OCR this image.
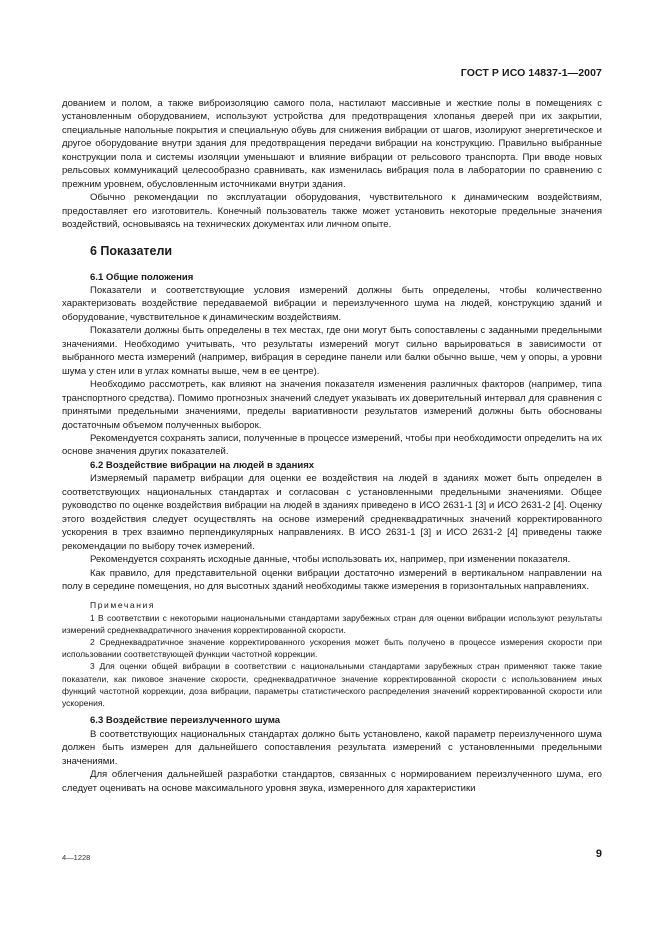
ГОСТ Р ИСО 14837-1—2007

дованием и полом, а также виброизоляцию самого пола, настилают массивные и жесткие полы в помещениях с установленным оборудованием, используют устройства для предотвращения хлопанья дверей при их закрытии, специальные напольные покрытия и специальную обувь для снижения вибрации от шагов, изолируют энергетическое и другое оборудование внутри здания для предотвращения передачи вибрации на конструкцию. Правильно выбранные конструкции пола и системы изоляции уменьшают и влияние вибрации от рельсового транспорта. При вводе новых рельсовых коммуникаций целесообразно сравнивать, как изменилась вибрация пола в лаборатории по сравнению с прежним уровнем, обусловленным источниками внутри здания.

Обычно рекомендации по эксплуатации оборудования, чувствительного к динамическим воздействиям, предоставляет его изготовитель. Конечный пользователь также может установить некоторые предельные значения воздействий, основываясь на технических документах или личном опыте.

6 Показатели

6.1 Общие положения

Показатели и соответствующие условия измерений должны быть определены, чтобы количественно характеризовать воздействие передаваемой вибрации и переизлученного шума на людей, конструкцию зданий и оборудование, чувствительное к динамическим воздействиям.

Показатели должны быть определены в тех местах, где они могут быть сопоставлены с заданными предельными значениями. Необходимо учитывать, что результаты измерений могут сильно варьироваться в зависимости от выбранного места измерений (например, вибрация в середине панели или балки обычно выше, чем у опоры, а уровни шума у стен или в углах комнаты выше, чем в ее центре).

Необходимо рассмотреть, как влияют на значения показателя изменения различных факторов (например, типа транспортного средства). Помимо прогнозных значений следует указывать их доверительный интервал для сравнения с принятыми предельными значениями, пределы вариативности результатов измерений должны быть обоснованы достаточным объемом полученных выборок.

Рекомендуется сохранять записи, полученные в процессе измерений, чтобы при необходимости определить на их основе значения других показателей.

6.2 Воздействие вибрации на людей в зданиях

Измеряемый параметр вибрации для оценки ее воздействия на людей в зданиях может быть определен в соответствующих национальных стандартах и согласован с установленными предельными значениями. Общее руководство по оценке воздействия вибрации на людей в зданиях приведено в ИСО 2631-1 [3] и ИСО 2631-2 [4]. Оценку этого воздействия следует осуществлять на основе измерений среднеквадратичных значений корректированного ускорения в трех взаимно перпендикулярных направлениях. В ИСО 2631-1 [3] и ИСО 2631-2 [4] приведены также рекомендации по выбору точек измерений.

Рекомендуется сохранять исходные данные, чтобы использовать их, например, при изменении показателя.

Как правило, для представительной оценки вибрации достаточно измерений в вертикальном направлении на полу в середине помещения, но для высотных зданий необходимы также измерения в горизонтальных направлениях.

Примечания

1 В соответствии с некоторыми национальными стандартами зарубежных стран для оценки вибрации используют результаты измерений среднеквадратичного значения корректированной скорости.

2 Среднеквадратичное значение корректированного ускорения может быть получено в процессе измерения скорости при использовании соответствующей функции частотной коррекции.

3 Для оценки общей вибрации в соответствии с национальными стандартами зарубежных стран применяют также такие показатели, как пиковое значение скорости, среднеквадратичное значение корректированной скорости с использованием иных функций частотной коррекции, доза вибрации, параметры статистического распределения значений корректированной скорости или ускорения.

6.3 Воздействие переизлученного шума

В соответствующих национальных стандартах должно быть установлено, какой параметр переизлученного шума должен быть измерен для дальнейшего сопоставления результата измерений с установленными предельными значениями.

Для облегчения дальнейшей разработки стандартов, связанных с нормированием переизлученного шума, его следует оценивать на основе максимального уровня звука, измеренного для характеристики

4—1228	9
